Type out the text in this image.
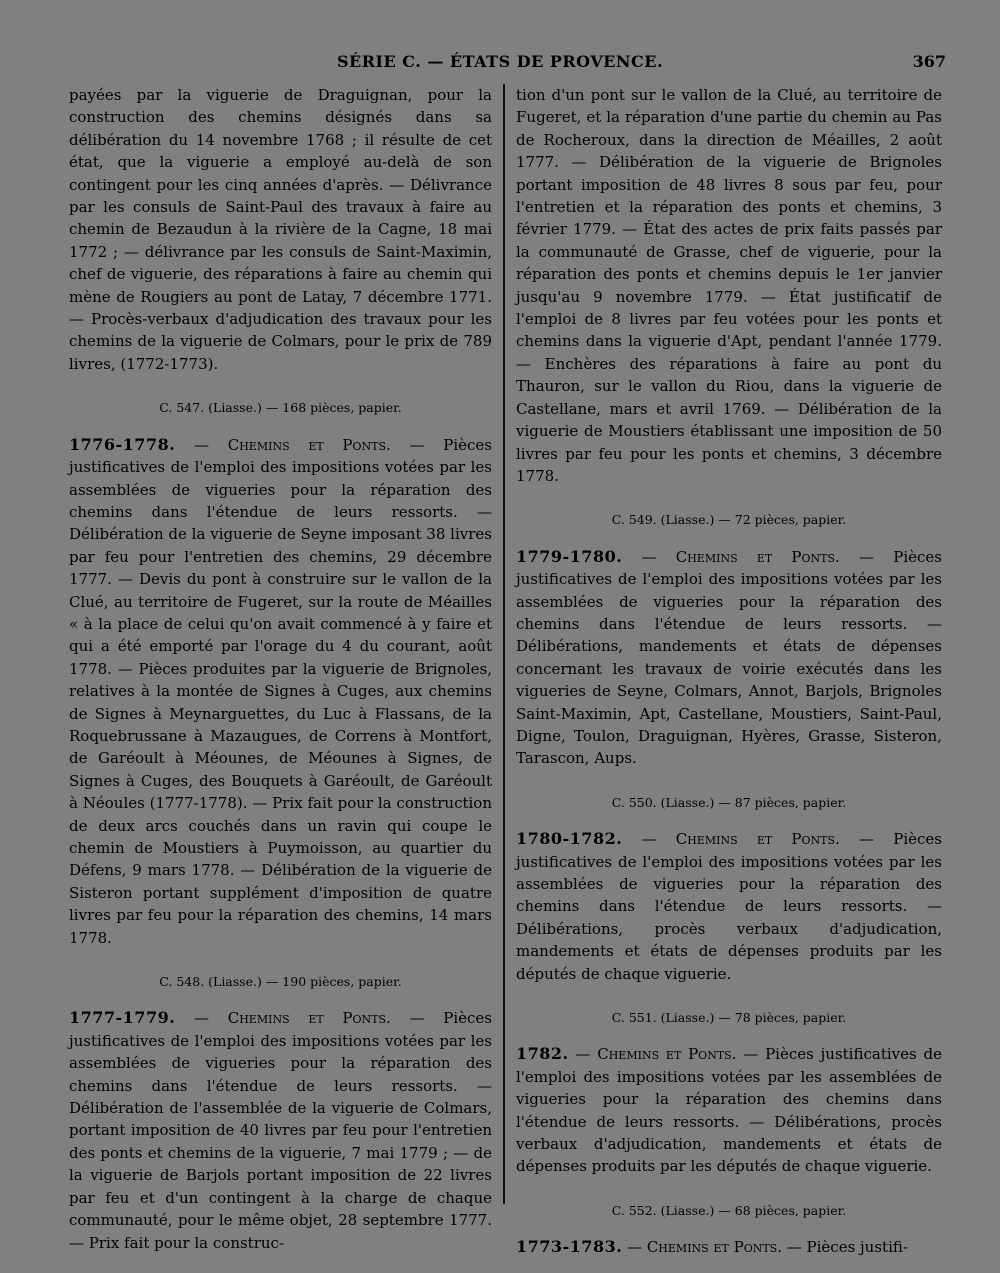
SÉRIE C. — ÉTATS DE PROVENCE.	367

payées par la viguerie de Draguignan, pour la construction des chemins désignés dans sa délibération du 14 novembre 1768 ; il résulte de cet état, que la viguerie a employé au-delà de son contingent pour les cinq années d'après. — Délivrance par les consuls de Saint-Paul des travaux à faire au chemin de Bezaudun à la rivière de la Cagne, 18 mai 1772 ; — délivrance par les consuls de Saint-Maximin, chef de viguerie, des réparations à faire au chemin qui mène de Rougiers au pont de Latay, 7 décembre 1771. — Procès-verbaux d'adjudication des travaux pour les chemins de la viguerie de Colmars, pour le prix de 789 livres, (1772-1773).

C. 547. (Liasse.) — 168 pièces, papier.

1776-1778. — Chemins et Ponts. — Pièces justificatives de l'emploi des impositions votées par les assemblées de vigueries pour la réparation des chemins dans l'étendue de leurs ressorts. — Délibération de la viguerie de Seyne imposant 38 livres par feu pour l'entretien des chemins, 29 décembre 1777. — Devis du pont à construire sur le vallon de la Clué, au territoire de Fugeret, sur la route de Méailles « à la place de celui qu'on avait commencé à y faire et qui a été emporté par l'orage du 4 du courant, août 1778. — Pièces produites par la viguerie de Brignoles, relatives à la montée de Signes à Cuges, aux chemins de Signes à Meynarguettes, du Luc à Flassans, de la Roquebrussane à Mazaugues, de Correns à Montfort, de Garéoult à Méounes, de Méounes à Signes, de Signes à Cuges, des Bouquets à Garéoult, de Garéoult à Néoules (1777-1778). — Prix fait pour la construction de deux arcs couchés dans un ravin qui coupe le chemin de Moustiers à Puymoisson, au quartier du Défens, 9 mars 1778. — Délibération de la viguerie de Sisteron portant supplément d'imposition de quatre livres par feu pour la réparation des chemins, 14 mars 1778.

C. 548. (Liasse.) — 190 pièces, papier.

1777-1779. — Chemins et Ponts. — Pièces justificatives de l'emploi des impositions votées par les assemblées de vigueries pour la réparation des chemins dans l'étendue de leurs ressorts. — Délibération de l'assemblée de la viguerie de Colmars, portant imposition de 40 livres par feu pour l'entretien des ponts et chemins de la viguerie, 7 mai 1779 ; — de la viguerie de Barjols portant imposition de 22 livres par feu et d'un contingent à la charge de chaque communauté, pour le même objet, 28 septembre 1777. — Prix fait pour la construc-

tion d'un pont sur le vallon de la Clué, au territoire de Fugeret, et la réparation d'une partie du chemin au Pas de Rocheroux, dans la direction de Méailles, 2 août 1777. — Délibération de la viguerie de Brignoles portant imposition de 48 livres 8 sous par feu, pour l'entretien et la réparation des ponts et chemins, 3 février 1779. — État des actes de prix faits passés par la communauté de Grasse, chef de viguerie, pour la réparation des ponts et chemins depuis le 1er janvier jusqu'au 9 novembre 1779. — État justificatif de l'emploi de 8 livres par feu votées pour les ponts et chemins dans la viguerie d'Apt, pendant l'année 1779. — Enchères des réparations à faire au pont du Thauron, sur le vallon du Riou, dans la viguerie de Castellane, mars et avril 1769. — Délibération de la viguerie de Moustiers établissant une imposition de 50 livres par feu pour les ponts et chemins, 3 décembre 1778.

C. 549. (Liasse.) — 72 pièces, papier.

1779-1780. — Chemins et Ponts. — Pièces justificatives de l'emploi des impositions votées par les assemblées de vigueries pour la réparation des chemins dans l'étendue de leurs ressorts. — Délibérations, mandements et états de dépenses concernant les travaux de voirie exécutés dans les vigueries de Seyne, Colmars, Annot, Barjols, Brignoles Saint-Maximin, Apt, Castellane, Moustiers, Saint-Paul, Digne, Toulon, Draguignan, Hyères, Grasse, Sisteron, Tarascon, Aups.

C. 550. (Liasse.) — 87 pièces, papier.

1780-1782. — Chemins et Ponts. — Pièces justificatives de l'emploi des impositions votées par les assemblées de vigueries pour la réparation des chemins dans l'étendue de leurs ressorts. — Délibérations, procès verbaux d'adjudication, mandements et états de dépenses produits par les députés de chaque viguerie.

C. 551. (Liasse.) — 78 pièces, papier.

1782. — Chemins et Ponts. — Pièces justificatives de l'emploi des impositions votées par les assemblées de vigueries pour la réparation des chemins dans l'étendue de leurs ressorts. — Délibérations, procès verbaux d'adjudication, mandements et états de dépenses produits par les députés de chaque viguerie.

C. 552. (Liasse.) — 68 pièces, papier.

1773-1783. — Chemins et Ponts. — Pièces justifi-
